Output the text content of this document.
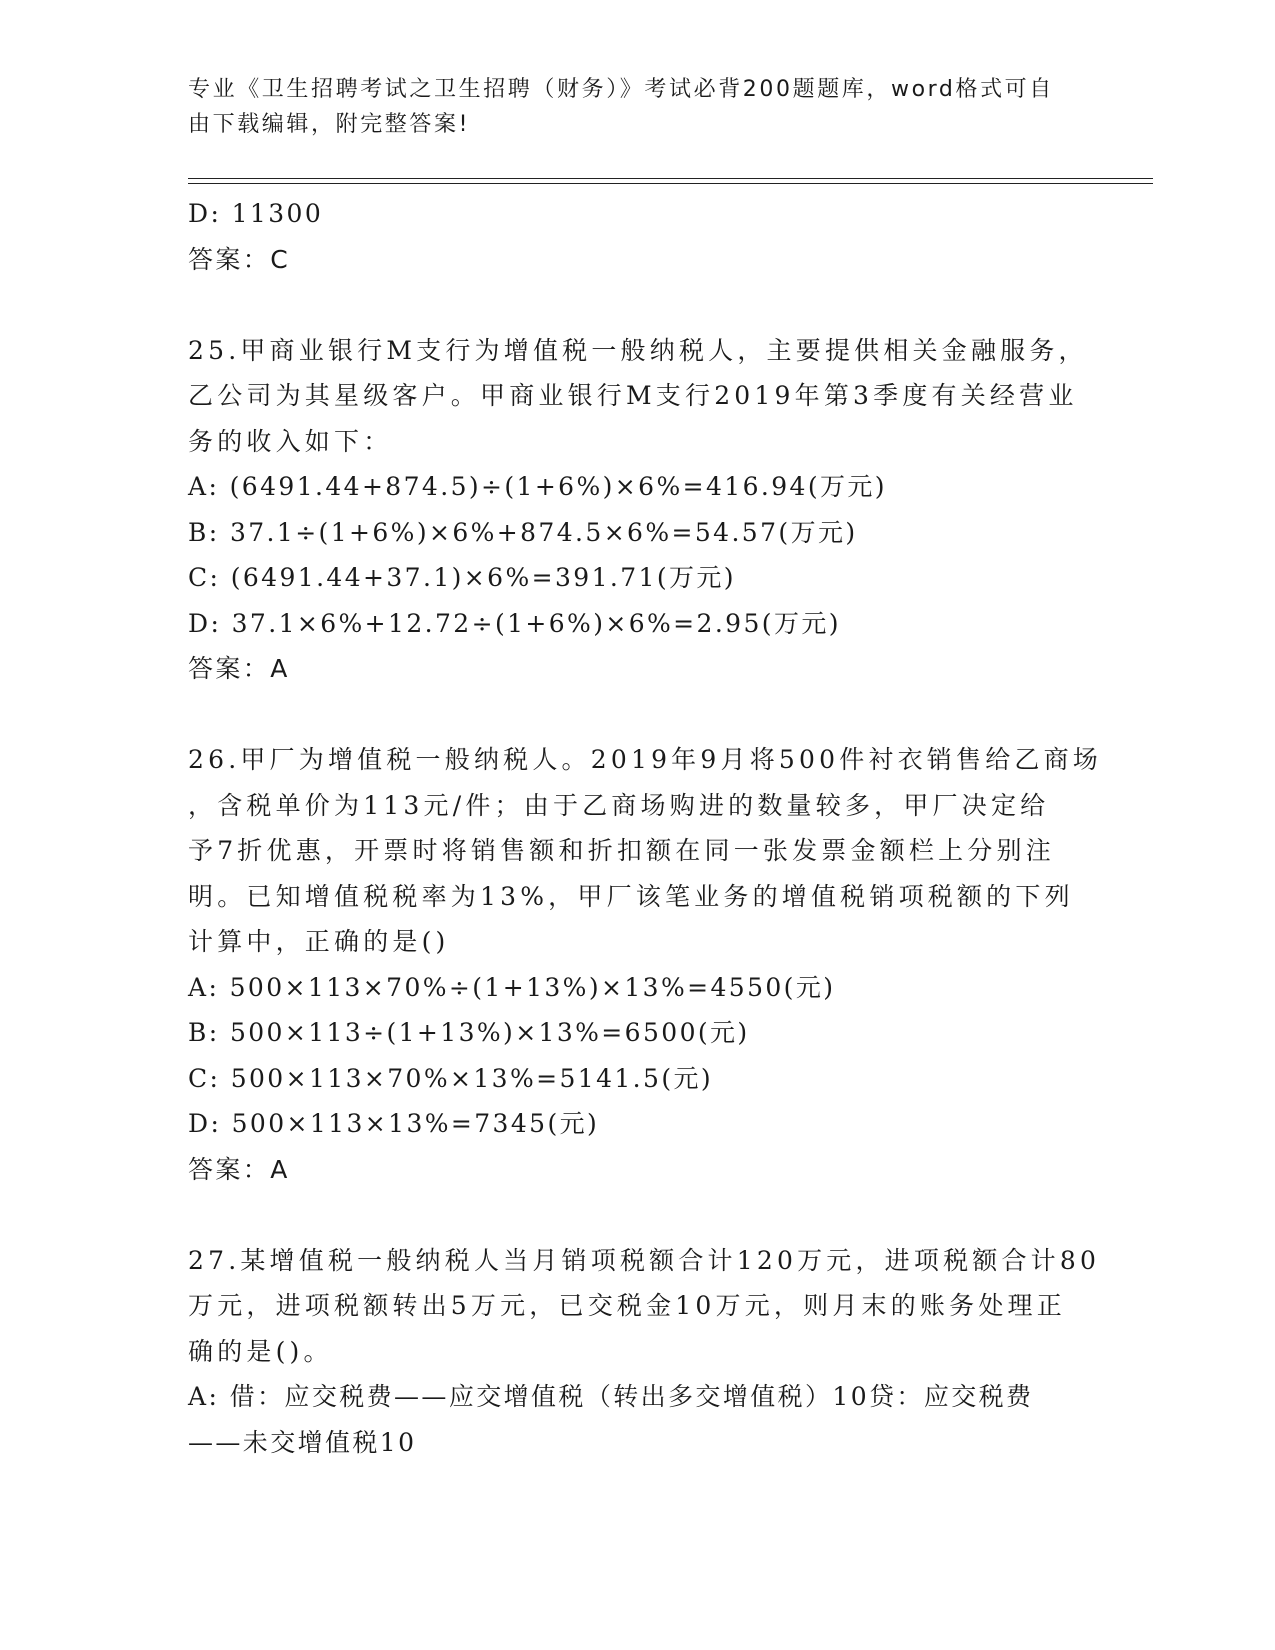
专业《卫生招聘考试之卫生招聘（财务）》考试必背200题题库，word格式可自
由下载编辑，附完整答案!
D: 11300
答案：C
25.甲商业银行M支行为增值税一般纳税人，主要提供相关金融服务，
乙公司为其星级客户。甲商业银行M支行2019年第3季度有关经营业
务的收入如下：
A: (6491.44+874.5)÷(1+6%)×6%=416.94(万元)
B: 37.1÷(1+6%)×6%+874.5×6%=54.57(万元)
C: (6491.44+37.1)×6%=391.71(万元)
D: 37.1×6%+12.72÷(1+6%)×6%=2.95(万元)
答案：A
26.甲厂为增值税一般纳税人。2019年9月将500件衬衣销售给乙商场
，含税单价为113元/件；由于乙商场购进的数量较多，甲厂决定给
予7折优惠，开票时将销售额和折扣额在同一张发票金额栏上分别注
明。已知增值税税率为13%，甲厂该笔业务的增值税销项税额的下列
计算中，正确的是()
A: 500×113×70%÷(1+13%)×13%=4550(元)
B: 500×113÷(1+13%)×13%=6500(元)
C: 500×113×70%×13%=5141.5(元)
D: 500×113×13%=7345(元)
答案：A
27.某增值税一般纳税人当月销项税额合计120万元，进项税额合计80
万元，进项税额转出5万元，已交税金10万元，则月末的账务处理正
确的是()。
A: 借：应交税费——应交增值税（转出多交增值税）10贷：应交税费
——未交增值税10
